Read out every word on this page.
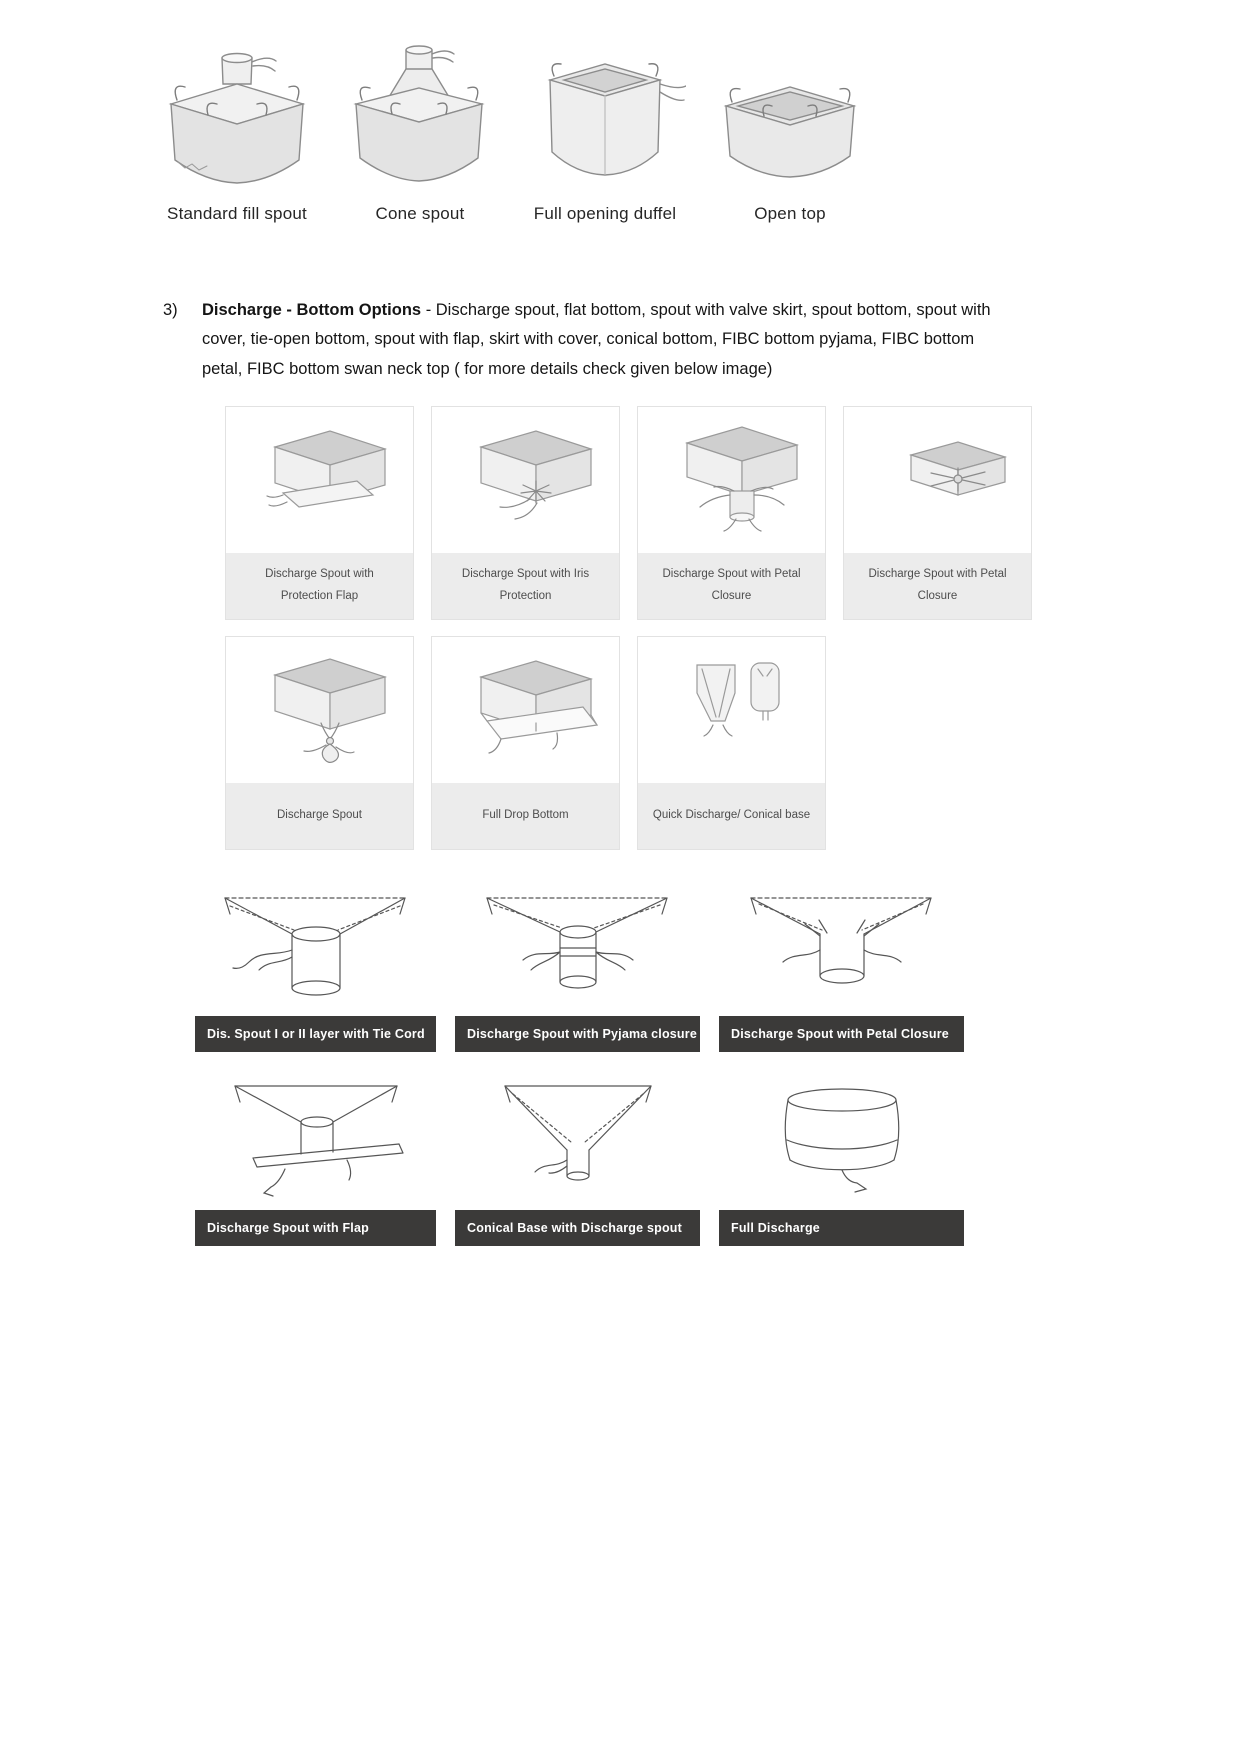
Standard fill spout	Cone spout	Full opening duffel	Open top
3)	Discharge - Bottom Options - Discharge spout, flat bottom, spout with valve skirt, spout bottom, spout with cover, tie-open bottom, spout with flap, skirt with cover, conical bottom, FIBC bottom pyjama, FIBC bottom petal, FIBC bottom swan neck top ( for more details check given below image)

Discharge Spout with Protection Flap
Discharge Spout with Iris Protection
Discharge Spout with Petal Closure
Discharge Spout with Petal Closure
Discharge Spout	Full Drop Bottom	Quick Discharge/ Conical base
Dis. Spout I or II layer with Tie Cord	Discharge Spout with Pyjama closure	Discharge Spout with Petal Closure
Discharge Spout with Flap	Conical Base with Discharge spout	Full Discharge
